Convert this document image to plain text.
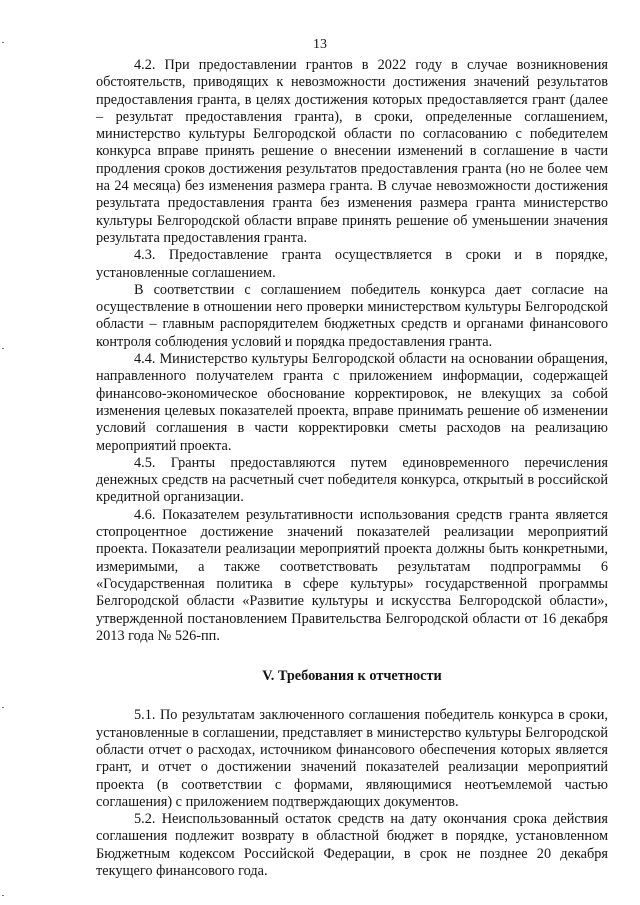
13

4.2. При предоставлении грантов в 2022 году в случае возникновения обстоятельств, приводящих к невозможности достижения значений результатов предоставления гранта, в целях достижения которых предоставляется грант (далее – результат предоставления гранта), в сроки, определенные соглашением, министерство культуры Белгородской области по согласованию с победителем конкурса вправе принять решение о внесении изменений в соглашение в части продления сроков достижения результатов предоставления гранта (но не более чем на 24 месяца) без изменения размера гранта. В случае невозможности достижения результата предоставления гранта без изменения размера гранта министерство культуры Белгородской области вправе принять решение об уменьшении значения результата предоставления гранта.

4.3. Предоставление гранта осуществляется в сроки и в порядке, установленные соглашением.

В соответствии с соглашением победитель конкурса дает согласие на осуществление в отношении него проверки министерством культуры Белгородской области – главным распорядителем бюджетных средств и органами финансового контроля соблюдения условий и порядка предоставления гранта.

4.4. Министерство культуры Белгородской области на основании обращения, направленного получателем гранта с приложением информации, содержащей финансово-экономическое обоснование корректировок, не влекущих за собой изменения целевых показателей проекта, вправе принимать решение об изменении условий соглашения в части корректировки сметы расходов на реализацию мероприятий проекта.

4.5. Гранты предоставляются путем единовременного перечисления денежных средств на расчетный счет победителя конкурса, открытый в российской кредитной организации.

4.6. Показателем результативности использования средств гранта является стопроцентное достижение значений показателей реализации мероприятий проекта. Показатели реализации мероприятий проекта должны быть конкретными, измеримыми, а также соответствовать результатам подпрограммы 6 «Государственная политика в сфере культуры» государственной программы Белгородской области «Развитие культуры и искусства Белгородской области», утвержденной постановлением Правительства Белгородской области от 16 декабря 2013 года № 526-пп.

V. Требования к отчетности

5.1. По результатам заключенного соглашения победитель конкурса в сроки, установленные в соглашении, представляет в министерство культуры Белгородской области отчет о расходах, источником финансового обеспечения которых является грант, и отчет о достижении значений показателей реализации мероприятий проекта (в соответствии с формами, являющимися неотъемлемой частью соглашения) с приложением подтверждающих документов.

5.2. Неиспользованный остаток средств на дату окончания срока действия соглашения подлежит возврату в областной бюджет в порядке, установленном Бюджетным кодексом Российской Федерации, в срок не позднее 20 декабря текущего финансового года.
